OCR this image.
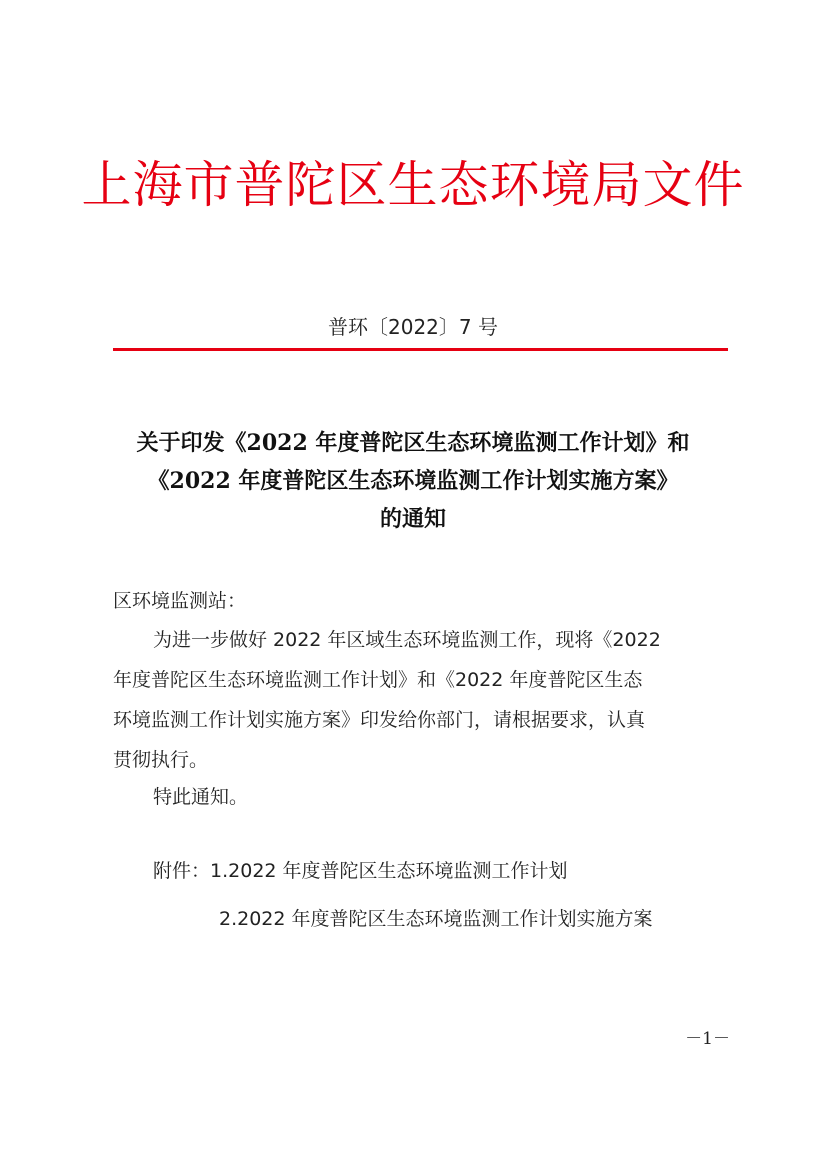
上海市普陀区生态环境局文件
普环〔2022〕7 号
关于印发《2022 年度普陀区生态环境监测工作计划》和
《2022 年度普陀区生态环境监测工作计划实施方案》
的通知
区环境监测站：
为进一步做好 2022 年区域生态环境监测工作，现将《2022
年度普陀区生态环境监测工作计划》和《2022 年度普陀区生态
环境监测工作计划实施方案》印发给你部门，请根据要求，认真
贯彻执行。
特此通知。
附件：1.2022 年度普陀区生态环境监测工作计划
2.2022 年度普陀区生态环境监测工作计划实施方案
－1－
